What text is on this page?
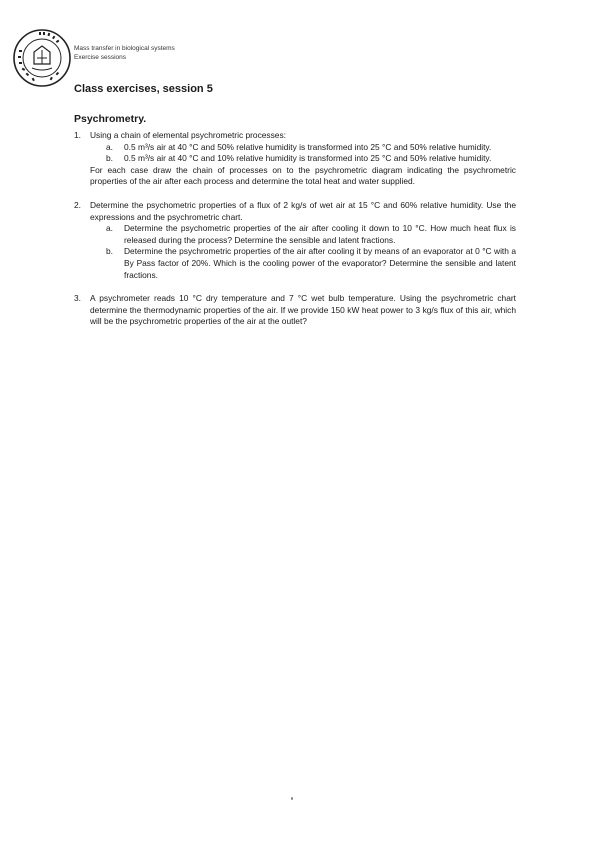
Mass transfer in biological systems
Exercise sessions
Class exercises, session 5
Psychrometry.
1.	Using a chain of elemental psychrometric processes:
a.	0.5 m³/s air at 40 °C and 50% relative humidity is transformed into 25 °C and 50% relative humidity.
b.	0.5 m³/s air at 40 °C and 10% relative humidity is transformed into 25 °C and 50% relative humidity.
For each case draw the chain of processes on to the psychrometric diagram indicating the psychrometric properties of the air after each process and determine the total heat and water supplied.
2.	Determine the psychometric properties of a flux of 2 kg/s of wet air at 15 °C and 60% relative humidity. Use the expressions and the psychrometric chart.
a.	Determine the psychometric properties of the air after cooling it down to 10 °C. How much heat flux is released during the process? Determine the sensible and latent fractions.
b.	Determine the psychrometric properties of the air after cooling it by means of an evaporator at 0 °C with a By Pass factor of 20%. Which is the cooling power of the evaporator? Determine the sensible and latent fractions.
3.	A psychrometer reads 10 °C dry temperature and 7 °C wet bulb temperature. Using the psychrometric chart determine the thermodynamic properties of the air. If we provide 150 kW heat power to 3 kg/s flux of this air, which will be the psychrometric properties of the air at the outlet?
